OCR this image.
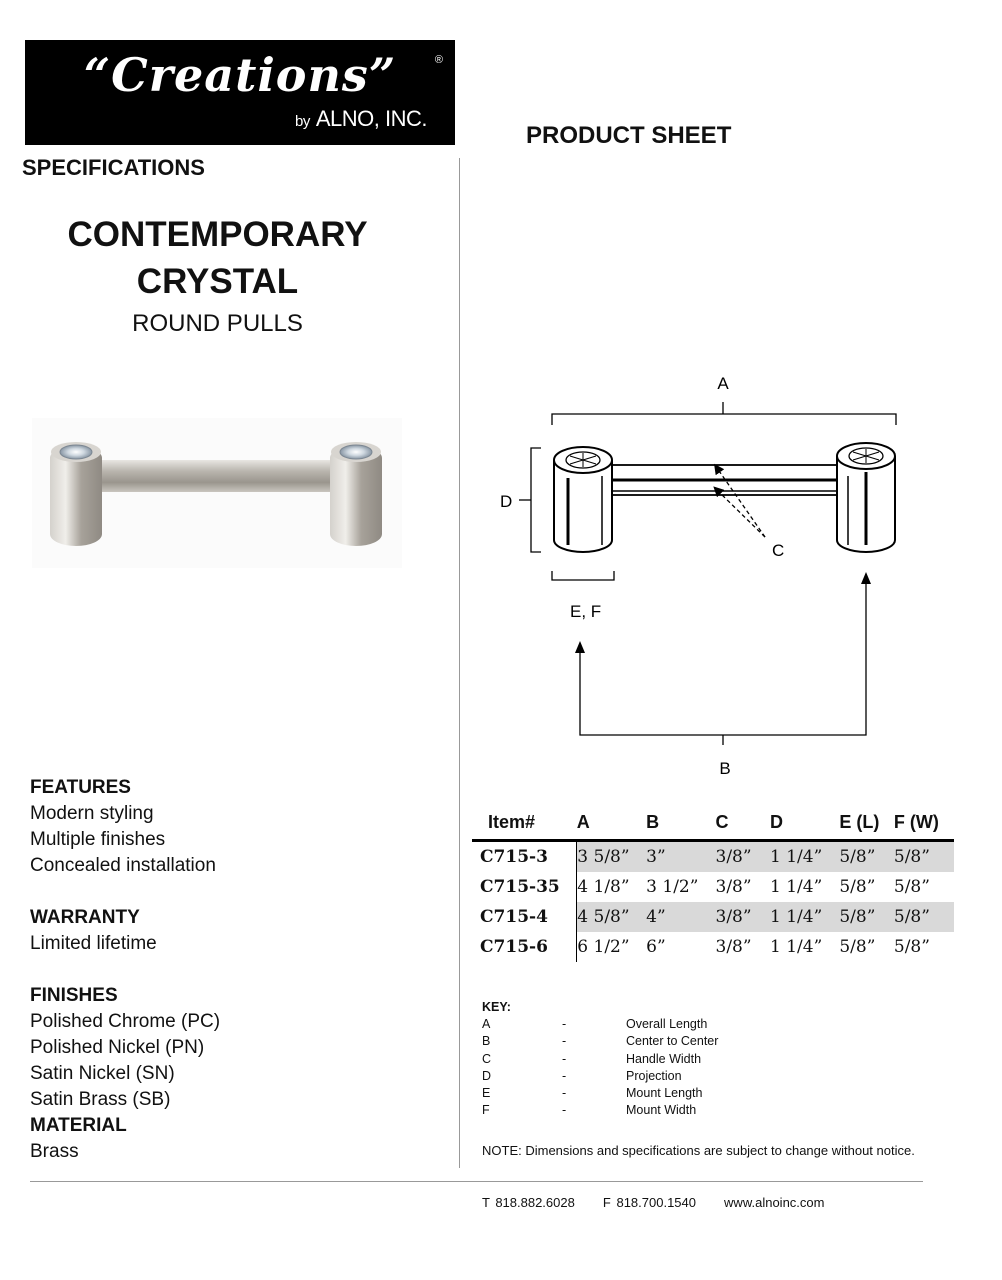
“Creations”	®
by ALNO, INC.
PRODUCT SHEET
SPECIFICATIONS
CONTEMPORARY
CRYSTAL
ROUND PULLS
FEATURES
Modern styling
Multiple finishes
Concealed installation
WARRANTY
Limited lifetime
FINISHES
Polished Chrome (PC)
Polished Nickel (PN)
Satin Nickel (SN)
Satin Brass (SB)
MATERIAL
Brass
A
D
C
E, F
B
Item#	A	B	C	D	E (L)	F (W)
C715-3	3 5/8”	3”	3/8”	1 1/4”	5/8”	5/8”
C715-35	4 1/8”	3 1/2”	3/8”	1 1/4”	5/8”	5/8”
C715-4	4 5/8”	4”	3/8”	1 1/4”	5/8”	5/8”
C715-6	6 1/2”	6”	3/8”	1 1/4”	5/8”	5/8”
KEY:
A	-	Overall Length
B	-	Center to Center
C	-	Handle Width
D	-	Projection
E	-	Mount Length
F	-	Mount Width
NOTE: Dimensions and specifications are subject to change without notice.
T 818.882.6028 F 818.700.1540 www.alnoinc.com
